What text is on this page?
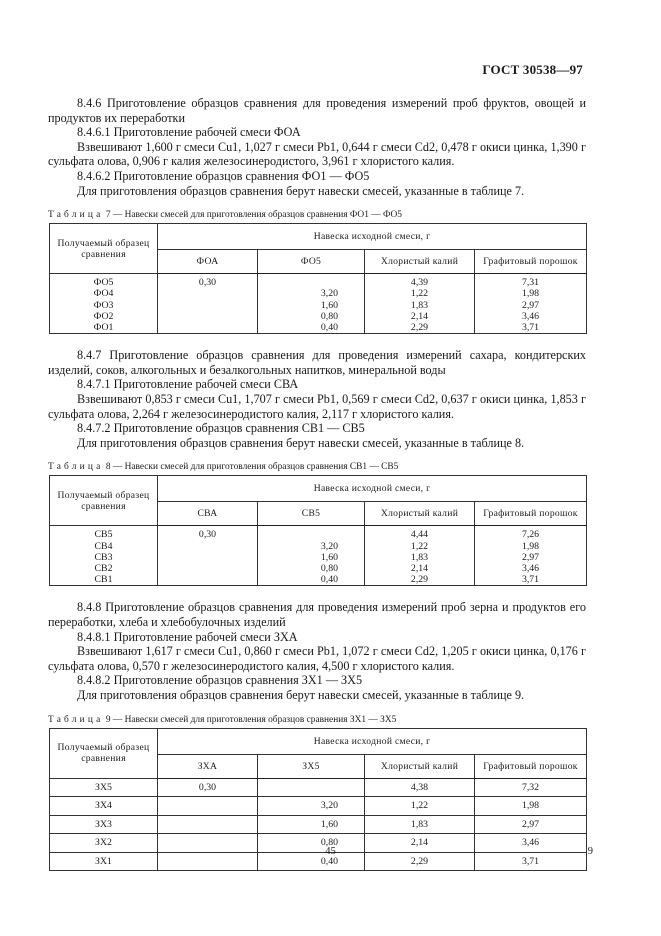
ГОСТ 30538—97

8.4.6 Приготовление образцов сравнения для проведения измерений проб фруктов, овощей и продуктов их переработки

8.4.6.1 Приготовление рабочей смеси ФОА

Взвешивают 1,600 г смеси Cu1, 1,027 г смеси Pb1, 0,644 г смеси Cd2, 0,478 г окиси цинка, 1,390 г сульфата олова, 0,906 г калия железосинеродистого, 3,961 г хлористого калия.

8.4.6.2 Приготовление образцов сравнения ФО1 — ФО5

Для приготовления образцов сравнения берут навески смесей, указанные в таблице 7.

Таблица 7 — Навески смесей для приготовления образцов сравнения ФО1 — ФО5
Получаемый образец сравнения	Навеска исходной смеси, г			
	ФОА	ФО5	Хлористый калий	Графитовый порошок
ФО5	0,30		4,39	7,31
ФО4		3,20	1,22	1,98
ФО3		1,60	1,83	2,97
ФО2		0,80	2,14	3,46
ФО1		0,40	2,29	3,71

8.4.7 Приготовление образцов сравнения для проведения измерений сахара, кондитерских изделий, соков, алкогольных и безалкогольных напитков, минеральной воды

8.4.7.1 Приготовление рабочей смеси СВА

Взвешивают 0,853 г смеси Cu1, 1,707 г смеси Pb1, 0,569 г смеси Cd2, 0,637 г окиси цинка, 1,853 г сульфата олова, 2,264 г железосинеродистого калия, 2,117 г хлористого калия.

8.4.7.2 Приготовление образцов сравнения СВ1 — СВ5

Для приготовления образцов сравнения берут навески смесей, указанные в таблице 8.

Таблица 8 — Навески смесей для приготовления образцов сравнения СВ1 — СВ5
Получаемый образец сравнения	Навеска исходной смеси, г			
	СВА	СВ5	Хлористый калий	Графитовый порошок
СВ5	0,30		4,44	7,26
СВ4		3,20	1,22	1,98
СВ3		1,60	1,83	2,97
СВ2		0,80	2,14	3,46
СВ1		0,40	2,29	3,71

8.4.8 Приготовление образцов сравнения для проведения измерений проб зерна и продуктов его переработки, хлеба и хлебобулочных изделий

8.4.8.1 Приготовление рабочей смеси ЗХА

Взвешивают 1,617 г смеси Cu1, 0,860 г смеси Pb1, 1,072 г смеси Cd2, 1,205 г окиси цинка, 0,176 г сульфата олова, 0,570 г железосинеродистого калия, 4,500 г хлористого калия.

8.4.8.2 Приготовление образцов сравнения ЗХ1 — ЗХ5

Для приготовления образцов сравнения берут навески смесей, указанные в таблице 9.

Таблица 9 — Навески смесей для приготовления образцов сравнения ЗХ1 — ЗХ5
Получаемый образец сравнения	Навеска исходной смеси, г			
	ЗХА	ЗХ5	Хлористый калий	Графитовый порошок
ЗХ5	0,30		4,38	7,32
ЗХ4		3,20	1,22	1,98
ЗХ3		1,60	1,83	2,97
ЗХ2		0,80	2,14	3,46
ЗХ1		0,40	2,29	3,71
45	9
